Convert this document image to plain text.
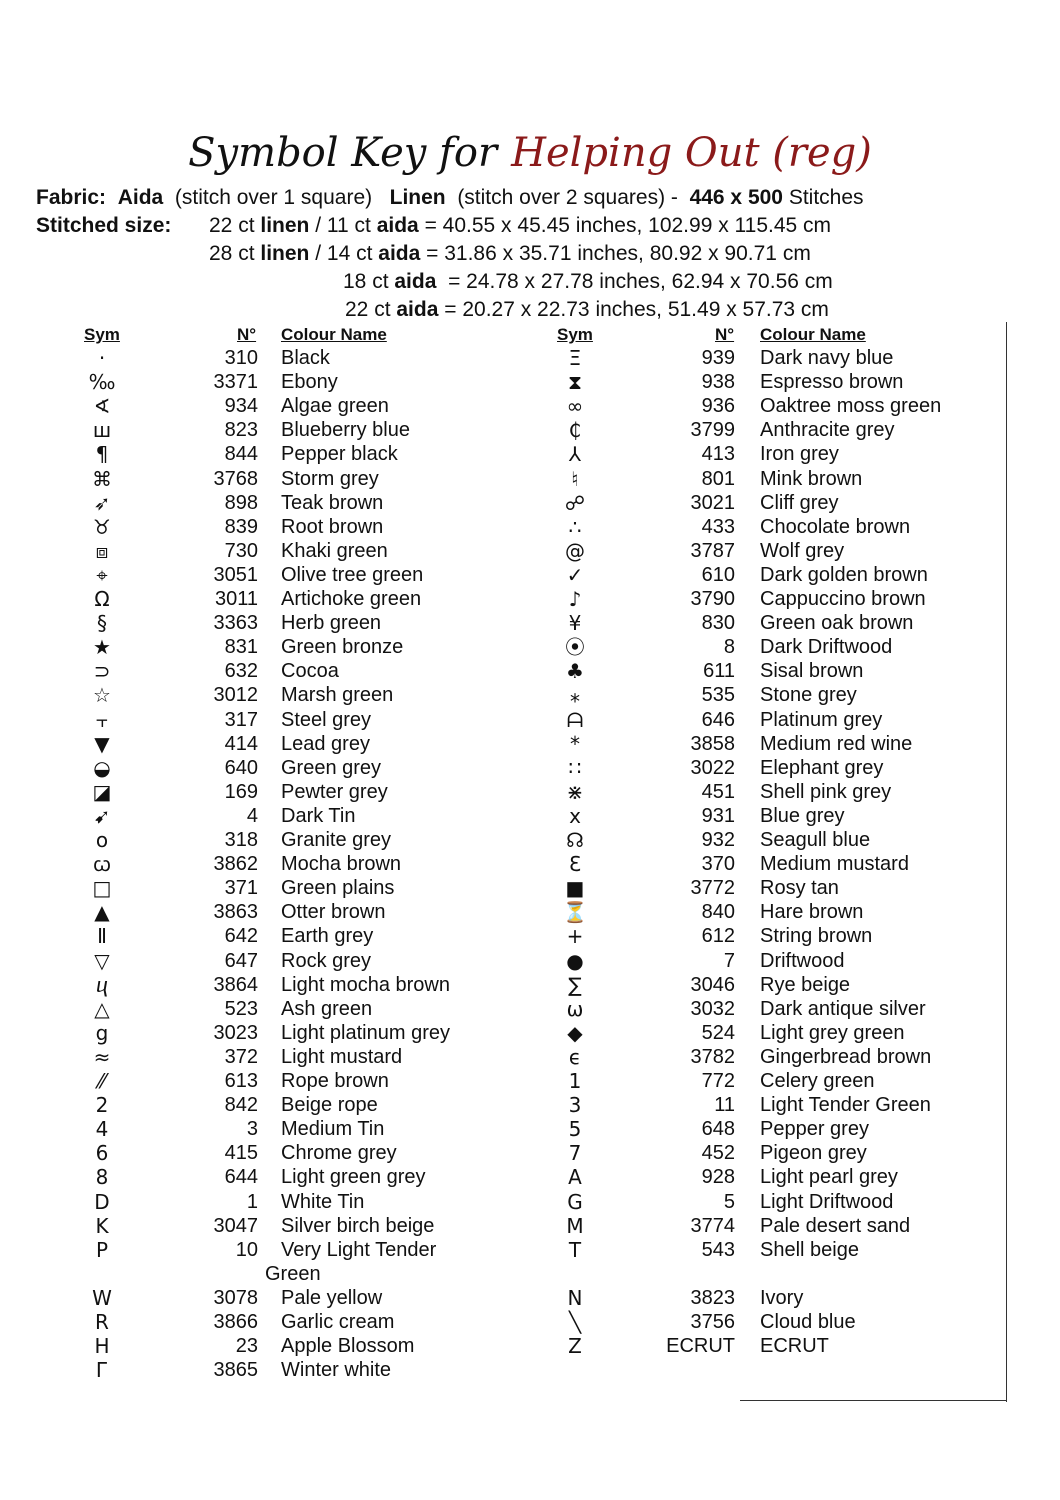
Symbol Key for Helping Out (reg)
Fabric: Aida (stitch over 1 square) Linen (stitch over 2 squares) - 446 x 500 Stitches
Stitched size: 22 ct linen / 11 ct aida = 40.55 x 45.45 inches, 102.99 x 115.45 cm
28 ct linen / 14 ct aida = 31.86 x 35.71 inches, 80.92 x 90.71 cm
18 ct aida  = 24.78 x 27.78 inches, 62.94 x 70.56 cm
22 ct aida = 20.27 x 22.73 inches, 51.49 x 57.73 cm
Sym	N° Colour Name	Sym	N° Colour Name
·	310 Black
‰	3371 Ebony
∢	934 Algae green
ш	823 Blueberry blue
¶	844 Pepper black
⌘	3768 Storm grey
➶	898 Teak brown
♉	839 Root brown
⧈	730 Khaki green
⌖	3051 Olive tree green
Ω	3011 Artichoke green
§	3363 Herb green
★	831 Green bronze
⊃	632 Cocoa
☆	3012 Marsh green
⫟	317 Steel grey
▼	414 Lead grey
◒	640 Green grey
◪	169 Pewter grey
➹	4 Dark Tin
o	318 Granite grey
ꞷ	3862 Mocha brown
□	371 Green plains
▲	3863 Otter brown
Ⅱ	642 Earth grey
▽	647 Rock grey
ⴗ	3864 Light mocha brown
△	523 Ash green
g	3023 Light platinum grey
≈	372 Light mustard
⁄⁄	613 Rope brown
2	842 Beige rope
4	3 Medium Tin
6	415 Chrome grey
8	644 Light green grey
D	1 White Tin
K	3047 Silver birch beige
P	10 Very Light Tender
Green
W	3078 Pale yellow
R	3866 Garlic cream
H	23 Apple Blossom
Г	3865 Winter white
Ξ	939 Dark navy blue
⧗	938 Espresso brown
∞	936 Oaktree moss green
₵	3799 Anthracite grey
⅄	413 Iron grey
♮	801 Mink brown
☍	3021 Cliff grey
∴	433 Chocolate brown
@	3787 Wolf grey
✓	610 Dark golden brown
♪	3790 Cappuccino brown
¥	830 Green oak brown
⦿	8 Dark Driftwood
♣	611 Sisal brown
⁎	535 Stone grey
ᗩ	646 Platinum grey
*	3858 Medium red wine
∷	3022 Elephant grey
⋇	451 Shell pink grey
x	931 Blue grey
☊	932 Seagull blue
Ɛ	370 Medium mustard
■	3772 Rosy tan
⏳	840 Hare brown
+	612 String brown
●	7 Driftwood
∑	3046 Rye beige
ω	3032 Dark antique silver
◆	524 Light grey green
ϵ	3782 Gingerbread brown
1	772 Celery green
3	11 Light Tender Green
5	648 Pepper grey
7	452 Pigeon grey
A	928 Light pearl grey
G	5 Light Driftwood
M	3774 Pale desert sand
T	543 Shell beige
N	3823 Ivory
╲	3756 Cloud blue
Z	ECRUT ECRUT
